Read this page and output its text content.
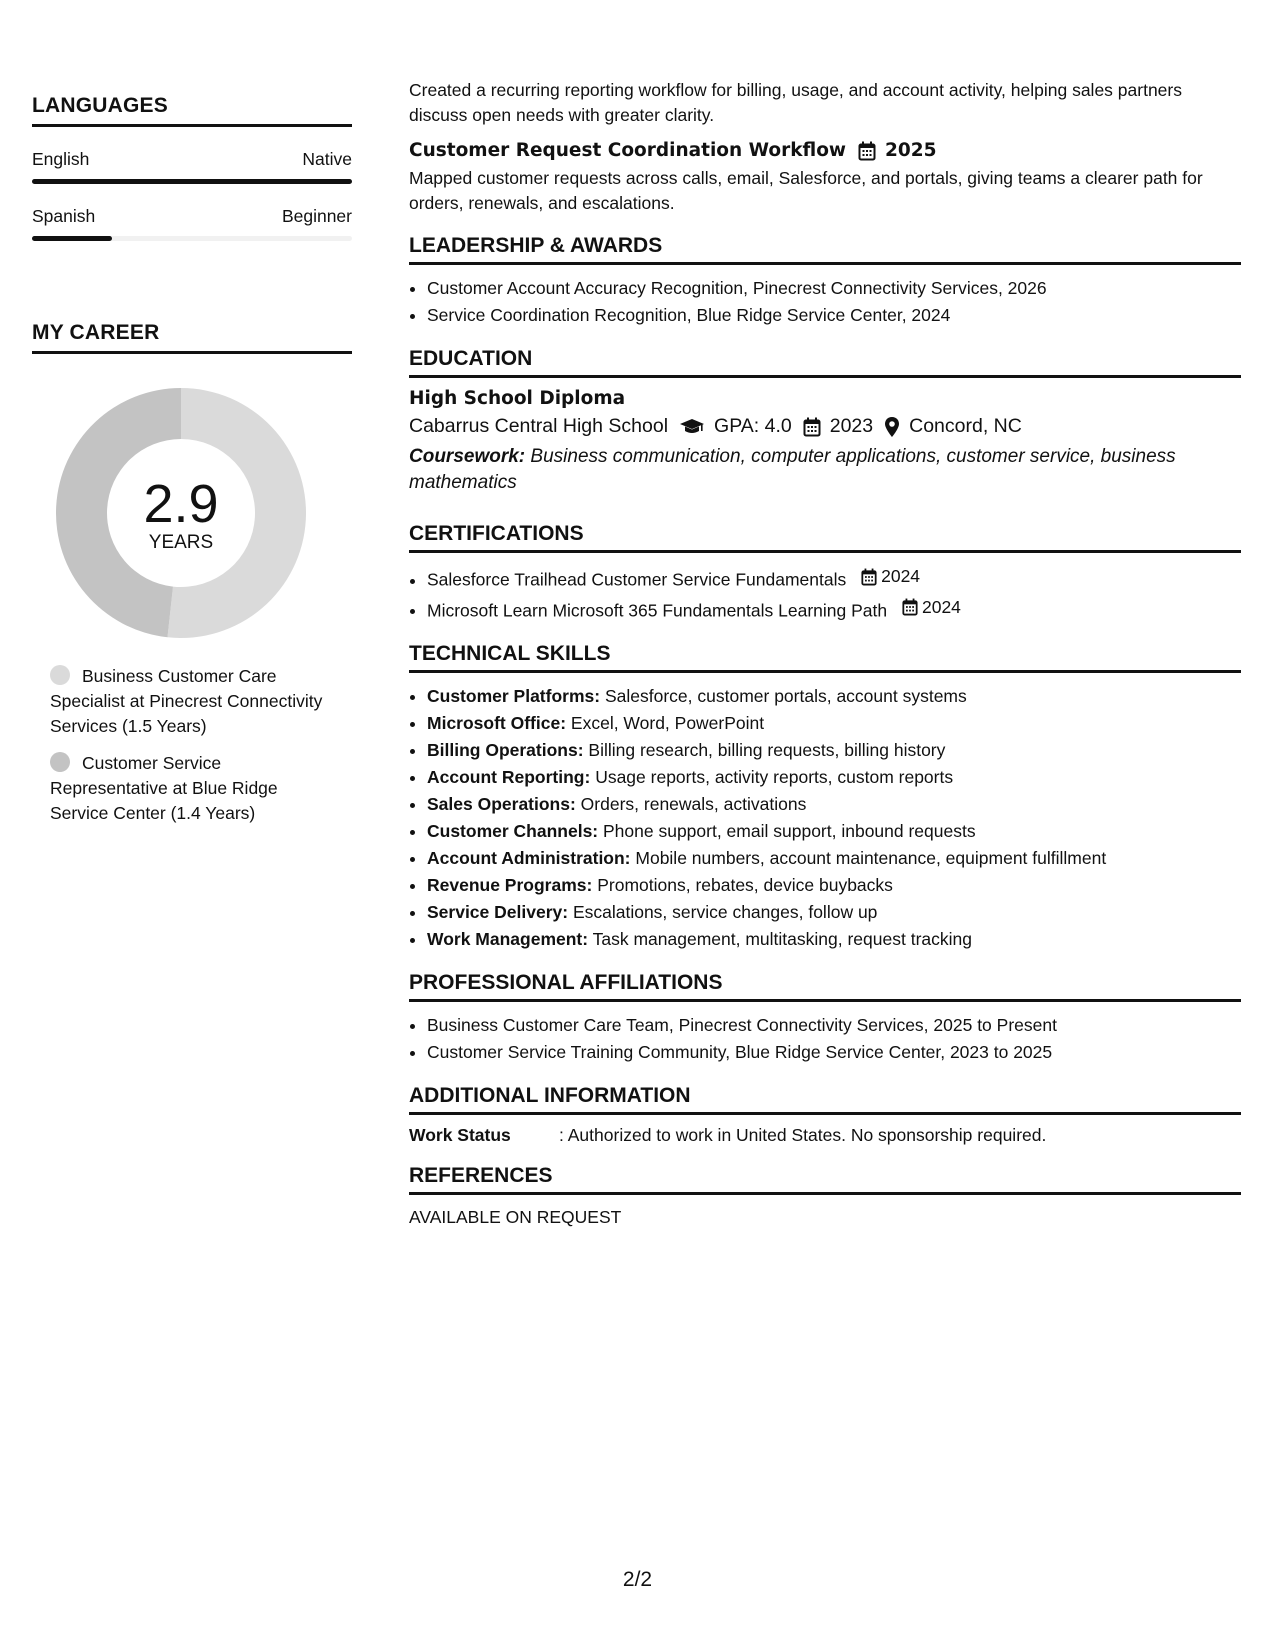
LANGUAGES
English	Native
Spanish	Beginner
MY CAREER
2.9
YEARS
Business Customer Care Specialist at Pinecrest Connectivity Services (1.5 Years)
Customer Service Representative at Blue Ridge Service Center (1.4 Years)
Created a recurring reporting workflow for billing, usage, and account activity, helping sales partners discuss open needs with greater clarity.
Customer Request Coordination Workflow 2025
Mapped customer requests across calls, email, Salesforce, and portals, giving teams a clearer path for orders, renewals, and escalations.
LEADERSHIP & AWARDS
• Customer Account Accuracy Recognition, Pinecrest Connectivity Services, 2026
• Service Coordination Recognition, Blue Ridge Service Center, 2024
EDUCATION
High School Diploma
Cabarrus Central High School GPA: 4.0 2023 Concord, NC
Coursework: Business communication, computer applications, customer service, business mathematics
CERTIFICATIONS
• Salesforce Trailhead Customer Service Fundamentals 2024
• Microsoft Learn Microsoft 365 Fundamentals Learning Path 2024
TECHNICAL SKILLS
• Customer Platforms: Salesforce, customer portals, account systems
• Microsoft Office: Excel, Word, PowerPoint
• Billing Operations: Billing research, billing requests, billing history
• Account Reporting: Usage reports, activity reports, custom reports
• Sales Operations: Orders, renewals, activations
• Customer Channels: Phone support, email support, inbound requests
• Account Administration: Mobile numbers, account maintenance, equipment fulfillment
• Revenue Programs: Promotions, rebates, device buybacks
• Service Delivery: Escalations, service changes, follow up
• Work Management: Task management, multitasking, request tracking
PROFESSIONAL AFFILIATIONS
• Business Customer Care Team, Pinecrest Connectivity Services, 2025 to Present
• Customer Service Training Community, Blue Ridge Service Center, 2023 to 2025
ADDITIONAL INFORMATION
Work Status	: Authorized to work in United States. No sponsorship required.
REFERENCES
AVAILABLE ON REQUEST
2/2
